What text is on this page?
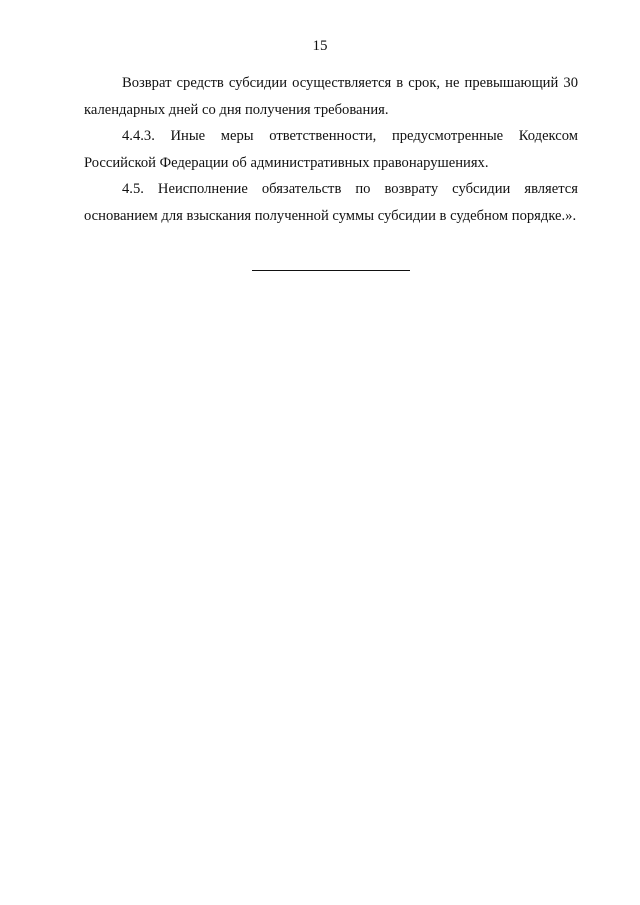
15

Возврат средств субсидии осуществляется в срок, не превышающий 30 календарных дней со дня получения требования.

4.4.3. Иные меры ответственности, предусмотренные Кодексом Российской Федерации об административных правонарушениях.

4.5. Неисполнение обязательств по возврату субсидии является основанием для взыскания полученной суммы субсидии в судебном порядке.».
